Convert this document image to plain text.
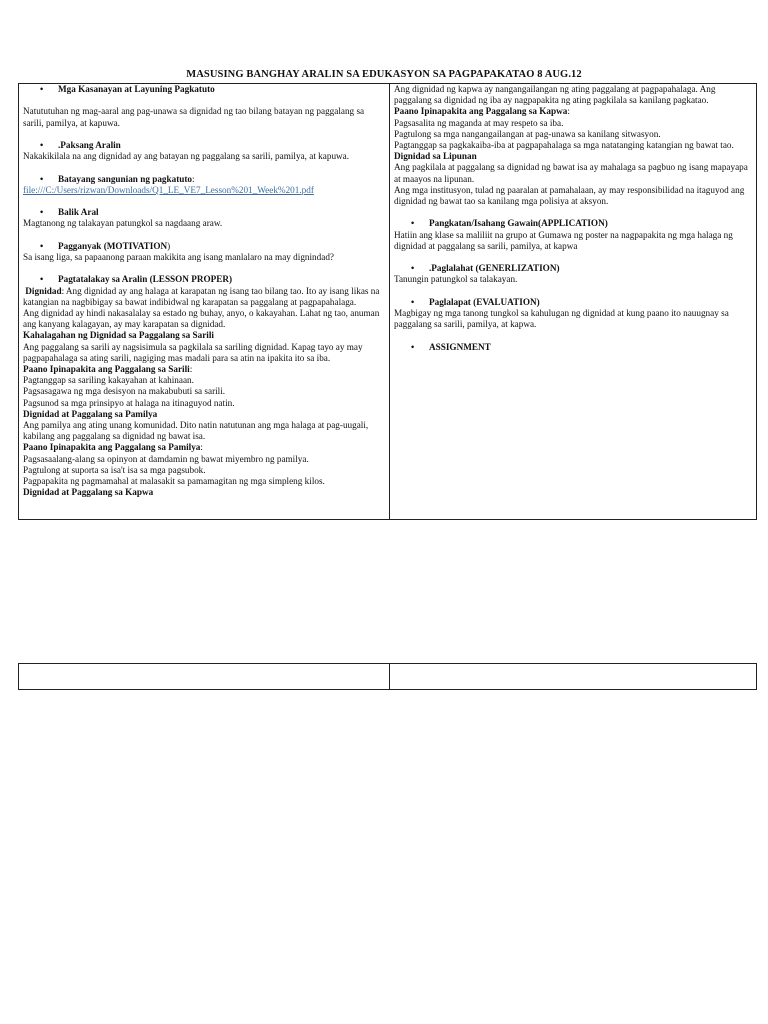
MASUSING BANGHAY ARALIN SA EDUKASYON SA PAGPAPAKATAO 8 AUG.12
• Mga Kasanayan at Layuning Pagkatuto

Natututuhan ng mag-aaral ang pag-unawa sa dignidad ng tao bilang batayan ng paggalang sa sarili, pamilya, at kapuwa.

• .Paksang Aralin

Nakakikilala na ang dignidad ay ang batayan ng paggalang sa sarili, pamilya, at kapuwa.

• Batayang sangunian ng pagkatuto:

file:///C:/Users/rizwan/Downloads/Q1_LE_VE7_Lesson%201_Week%201.pdf

• Balik Aral

Magtanong ng talakayan patungkol sa nagdaang araw.

• Pagganyak (MOTIVATION)

Sa isang liga, sa papaanong paraan makikita ang isang manlalaro na may dignindad?

• Pagtatalakay sa Aralin (LESSON PROPER)

Dignidad: Ang dignidad ay ang halaga at karapatan ng isang tao bilang tao. Ito ay isang likas na katangian na nagbibigay sa bawat indibidwal ng karapatan sa paggalang at pagpapahalaga.

Ang dignidad ay hindi nakasalalay sa estado ng buhay, anyo, o kakayahan. Lahat ng tao, anuman ang kanyang kalagayan, ay may karapatan sa dignidad.

Kahalagahan ng Dignidad sa Paggalang sa Sarili

Ang paggalang sa sarili ay nagsisimula sa pagkilala sa sariling dignidad. Kapag tayo ay may pagpapahalaga sa ating sarili, nagiging mas madali para sa atin na ipakita ito sa iba.

Paano Ipinapakita ang Paggalang sa Sarili:

Pagtanggap sa sariling kakayahan at kahinaan.

Pagsasagawa ng mga desisyon na makabubuti sa sarili.

Pagsunod sa mga prinsipyo at halaga na itinaguyod natin.

Dignidad at Paggalang sa Pamilya

Ang pamilya ang ating unang komunidad. Dito natin natutunan ang mga halaga at pag-uugali, kabilang ang paggalang sa dignidad ng bawat isa.

Paano Ipinapakita ang Paggalang sa Pamilya:

Pagsasaalang-alang sa opinyon at damdamin ng bawat miyembro ng pamilya.

Pagtulong at suporta sa isa't isa sa mga pagsubok.

Pagpapakita ng pagmamahal at malasakit sa pamamagitan ng mga simpleng kilos.

Dignidad at Paggalang sa Kapwa

Ang dignidad ng kapwa ay nangangailangan ng ating paggalang at pagpapahalaga. Ang paggalang sa dignidad ng iba ay nagpapakita ng ating pagkilala sa kanilang pagkatao.

Paano Ipinapakita ang Paggalang sa Kapwa:

Pagsasalita ng maganda at may respeto sa iba.

Pagtulong sa mga nangangailangan at pag-unawa sa kanilang sitwasyon.

Pagtanggap sa pagkakaiba-iba at pagpapahalaga sa mga natatanging katangian ng bawat tao.

Dignidad sa Lipunan

Ang pagkilala at paggalang sa dignidad ng bawat isa ay mahalaga sa pagbuo ng isang mapayapa at maayos na lipunan.

Ang mga institusyon, tulad ng paaralan at pamahalaan, ay may responsibilidad na itaguyod ang dignidad ng bawat tao sa kanilang mga polisiya at aksyon.

• Pangkatan/Isahang Gawain(APPLICATION)

Hatiin ang klase sa maliliit na grupo at Gumawa ng poster na nagpapakita ng mga halaga ng dignidad at paggalang sa sarili, pamilya, at kapwa

• .Paglalahat (GENERLIZATION)

Tanungin patungkol sa talakayan.

• Paglalapat (EVALUATION)

Magbigay ng mga tanong tungkol sa kahulugan ng dignidad at kung paano ito nauugnay sa paggalang sa sarili, pamilya, at kapwa.

• ASSIGNMENT
